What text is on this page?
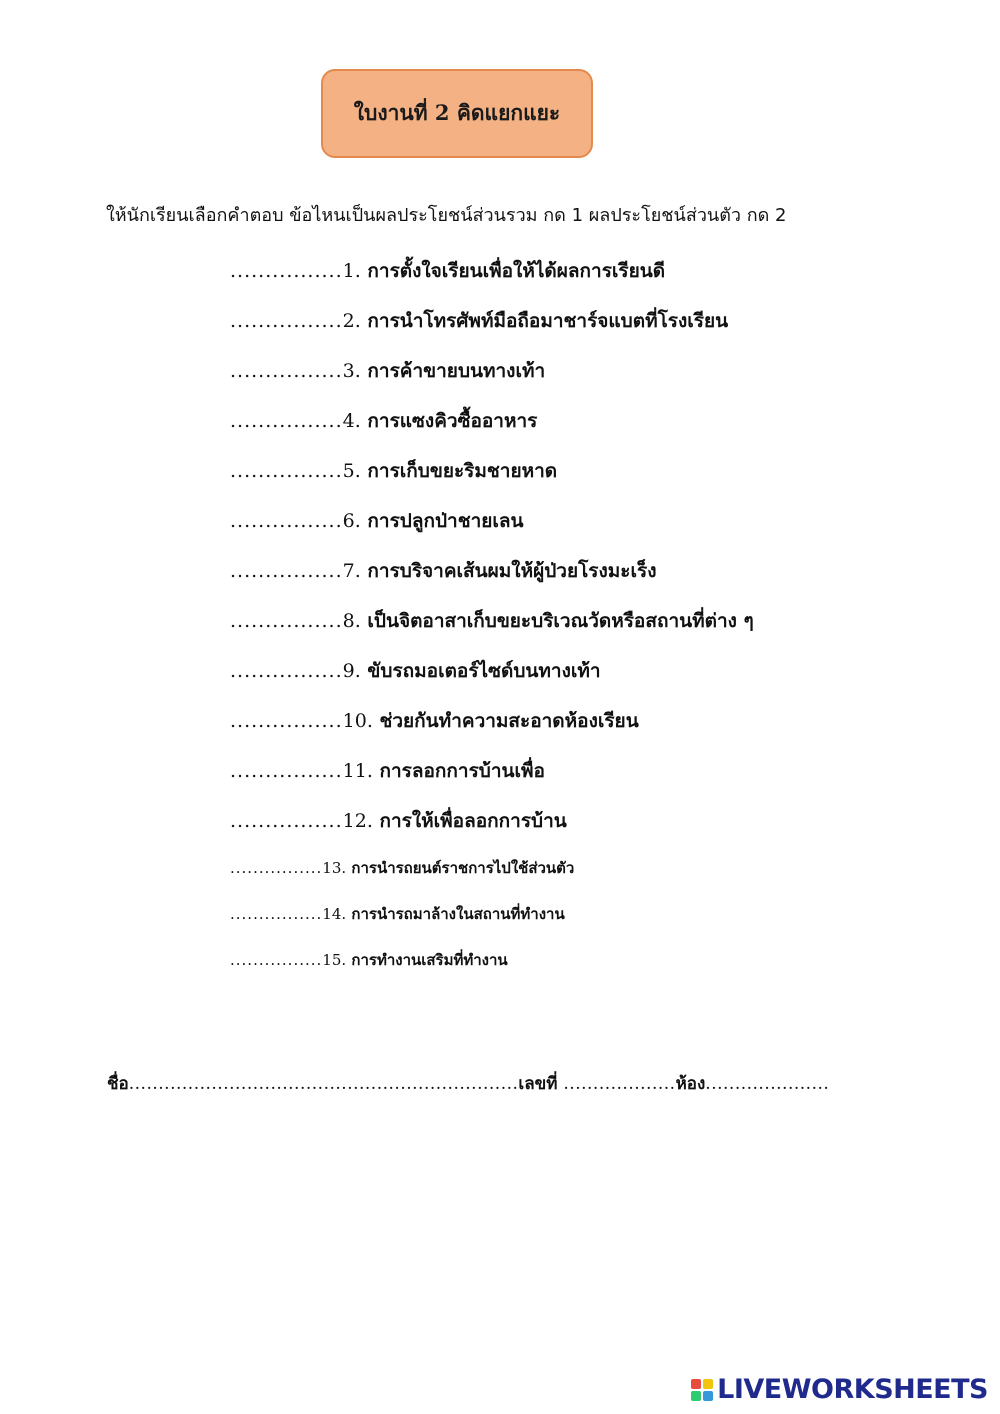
ใบงานที่ 2 คิดแยกแยะ
ให้นักเรียนเลือกคำตอบ ข้อไหนเป็นผลประโยชน์ส่วนรวม กด 1 ผลประโยชน์ส่วนตัว กด 2
................1. การตั้งใจเรียนเพื่อให้ได้ผลการเรียนดี
................2. การนำโทรศัพท์มือถือมาชาร์จแบตที่โรงเรียน
................3. การค้าขายบนทางเท้า
................4. การแซงคิวซื้ออาหาร
................5. การเก็บขยะริมชายหาด
................6. การปลูกป่าชายเลน
................7. การบริจาคเส้นผมให้ผู้ป่วยโรงมะเร็ง
................8. เป็นจิตอาสาเก็บขยะบริเวณวัดหรือสถานที่ต่าง ๆ
................9. ขับรถมอเตอร์ไซด์บนทางเท้า
................10. ช่วยกันทำความสะอาดห้องเรียน
................11. การลอกการบ้านเพื่อ
................12. การให้เพื่อลอกการบ้าน
................13. การนำรถยนต์ราชการไปใช้ส่วนตัว
................14. การนำรถมาล้างในสถานที่ทำงาน
................15. การทำงานเสริมที่ทำงาน
ชื่อ..................................................................เลขที่ ...................ห้อง.....................
LIVEWORKSHEETS
